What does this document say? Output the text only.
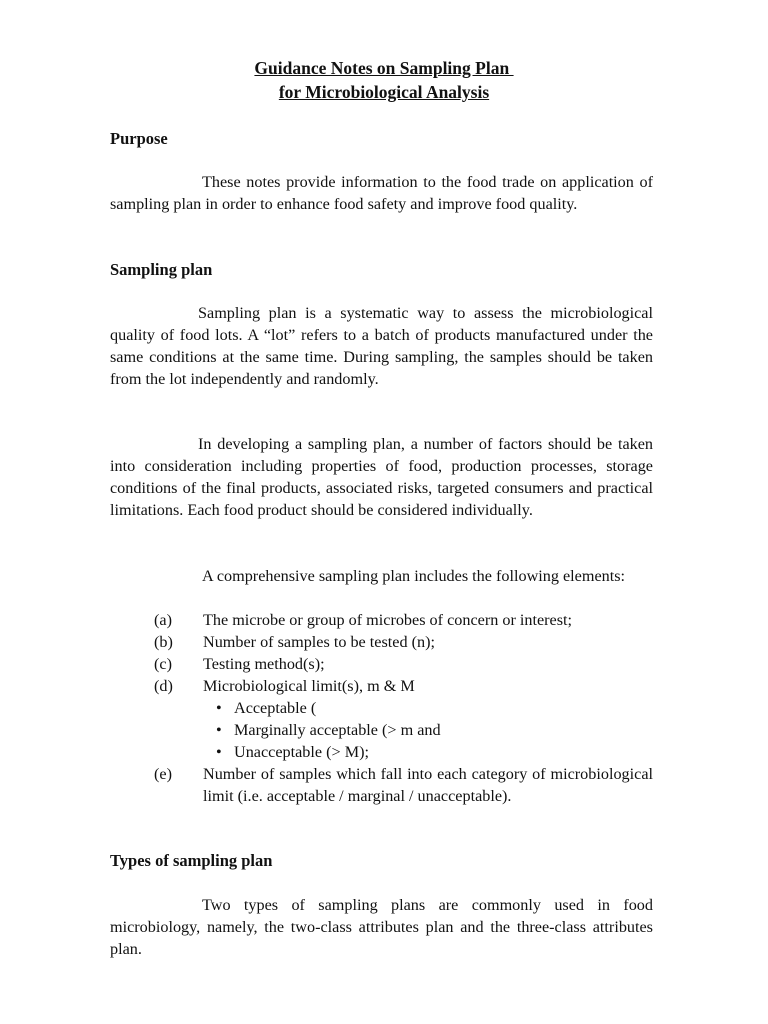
Guidance Notes on Sampling Plan
for Microbiological Analysis
Purpose

These notes provide information to the food trade on application of sampling plan in order to enhance food safety and improve food quality.

Sampling plan

Sampling plan is a systematic way to assess the microbiological quality of food lots. A “lot” refers to a batch of products manufactured under the same conditions at the same time. During sampling, the samples should be taken from the lot independently and randomly.

In developing a sampling plan, a number of factors should be taken into consideration including properties of food, production processes, storage conditions of the final products, associated risks, targeted consumers and practical limitations. Each food product should be considered individually.

A comprehensive sampling plan includes the following elements:

(a) The microbe or group of microbes of concern or interest;
(b) Number of samples to be tested (n);
(c) Testing method(s);
(d) Microbiological limit(s), m & M
• Acceptable (
• Marginally acceptable (> m and
• Unacceptable (> M);
(e) Number of samples which fall into each category of microbiological limit (i.e. acceptable / marginal / unacceptable).
Types of sampling plan

Two types of sampling plans are commonly used in food microbiology, namely, the two-class attributes plan and the three-class attributes plan.
